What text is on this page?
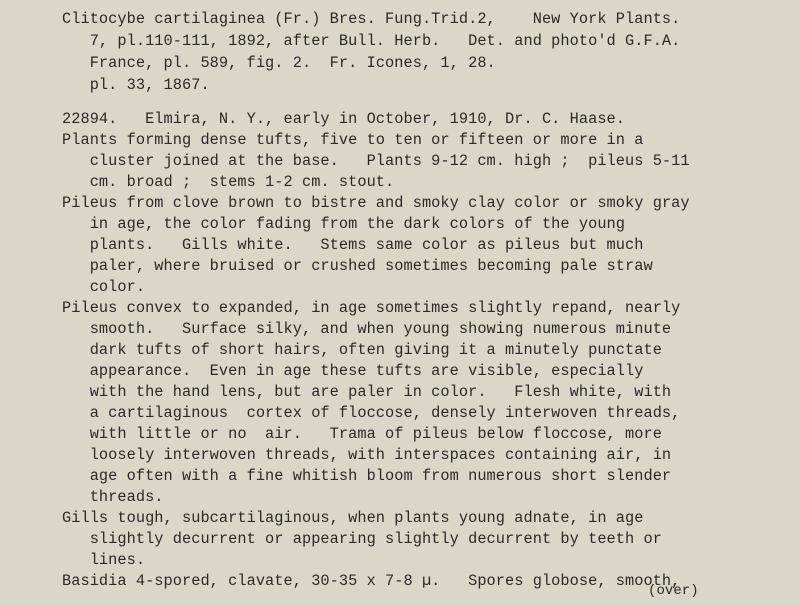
Clitocybe cartilaginea (Fr.) Bres. Fung.Trid.2,    New York Plants.
7, pl.110-111, 1892, after Bull. Herb.   Det. and photo'd G.F.A.
France, pl. 589, fig. 2.  Fr. Icones, 1, 28.
pl. 33, 1867.
22894.   Elmira, N. Y., early in October, 1910, Dr. C. Haase.
Plants forming dense tufts, five to ten or fifteen or more in a
cluster joined at the base.   Plants 9-12 cm. high ;  pileus 5-11
cm. broad ;  stems 1-2 cm. stout.
Pileus from clove brown to bistre and smoky clay color or smoky gray
in age, the color fading from the dark colors of the young
plants.   Gills white.   Stems same color as pileus but much
paler, where bruised or crushed sometimes becoming pale straw
color.
Pileus convex to expanded, in age sometimes slightly repand, nearly
smooth.   Surface silky, and when young showing numerous minute
dark tufts of short hairs, often giving it a minutely punctate
appearance.  Even in age these tufts are visible, especially
with the hand lens, but are paler in color.   Flesh white, with
a cartilaginous  cortex of floccose, densely interwoven threads,
with little or no  air.   Trama of pileus below floccose, more
loosely interwoven threads, with interspaces containing air, in
age often with a fine whitish bloom from numerous short slender
threads.
Gills tough, subcartilaginous, when plants young adnate, in age
slightly decurrent or appearing slightly decurrent by teeth or
lines.
Basidia 4-spored, clavate, 30-35 x 7-8 µ.   Spores globose, smooth,
(over)
